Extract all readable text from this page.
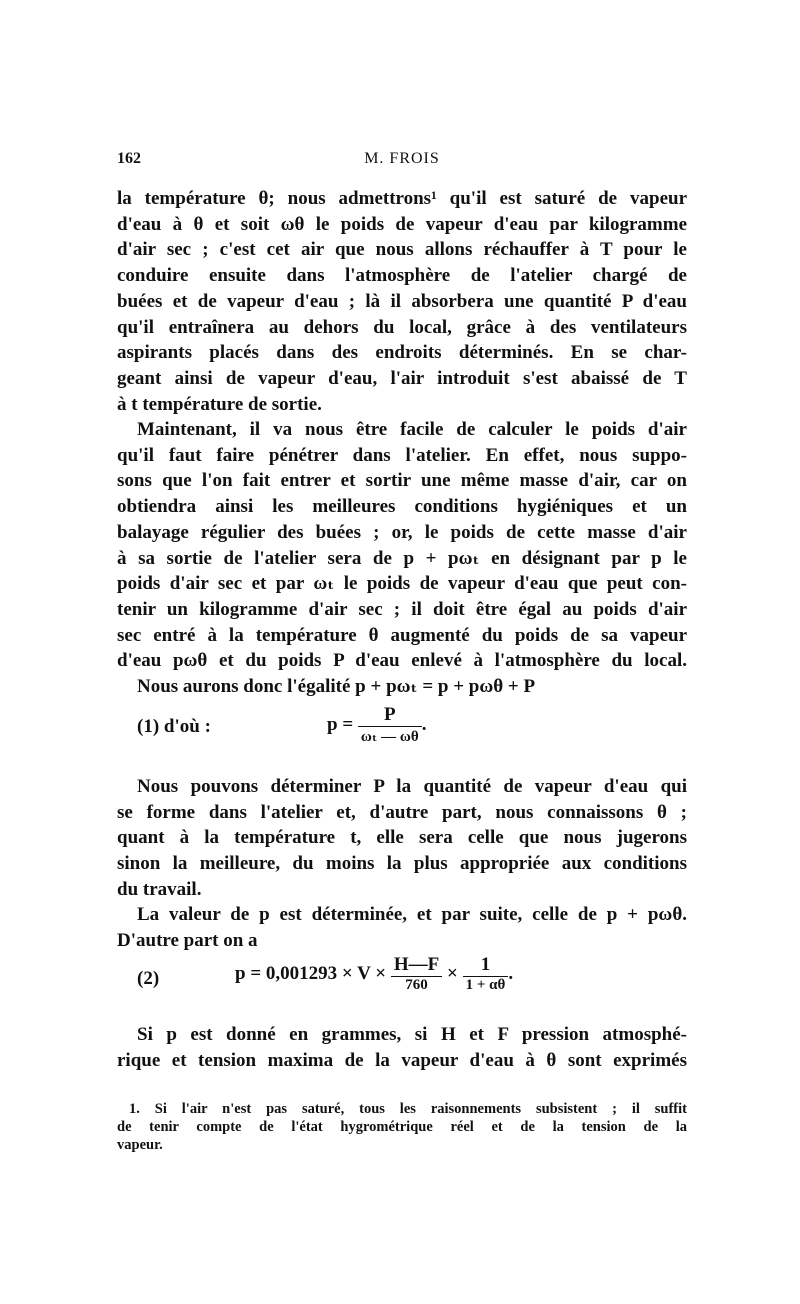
162	M. FROIS
la température θ; nous admettrons¹ qu'il est saturé de vapeur
d'eau à θ et soit ωθ le poids de vapeur d'eau par kilogramme
d'air sec ; c'est cet air que nous allons réchauffer à T pour le
conduire ensuite dans l'atmosphère de l'atelier chargé de
buées et de vapeur d'eau ; là il absorbera une quantité P d'eau
qu'il entraînera au dehors du local, grâce à des ventilateurs
aspirants placés dans des endroits déterminés. En se char-
geant ainsi de vapeur d'eau, l'air introduit s'est abaissé de T
à t température de sortie.
Maintenant, il va nous être facile de calculer le poids d'air
qu'il faut faire pénétrer dans l'atelier. En effet, nous suppo-
sons que l'on fait entrer et sortir une même masse d'air, car on
obtiendra ainsi les meilleures conditions hygiéniques et un
balayage régulier des buées ; or, le poids de cette masse d'air
à sa sortie de l'atelier sera de p + pωₜ en désignant par p le
poids d'air sec et par ωₜ le poids de vapeur d'eau que peut con-
tenir un kilogramme d'air sec ; il doit être égal au poids d'air
sec entré à la température θ augmenté du poids de sa vapeur
d'eau pωθ et du poids P d'eau enlevé à l'atmosphère du local.
Nous aurons donc l'égalité p + pωₜ = p + pωθ + P
(1) d'où :	$p = \frac{P}{\text{ωₜ — ωθ}}$ .
Nous pouvons déterminer P la quantité de vapeur d'eau qui
se forme dans l'atelier et, d'autre part, nous connaissons θ ;
quant à la température t, elle sera celle que nous jugerons
sinon la meilleure, du moins la plus appropriée aux conditions
du travail.
La valeur de p est déterminée, et par suite, celle de p + pωθ.
D'autre part on a
(2)	$p = 0,001293 \times V \times \frac{H—F}{760} \times \frac{1}{1 + \alpha\theta}$ .
Si p est donné en grammes, si H et F pression atmosphé-
rique et tension maxima de la vapeur d'eau à θ sont exprimés
1. Si l'air n'est pas saturé, tous les raisonnements subsistent ; il suffit
de tenir compte de l'état hygrométrique réel et de la tension de la
vapeur.
